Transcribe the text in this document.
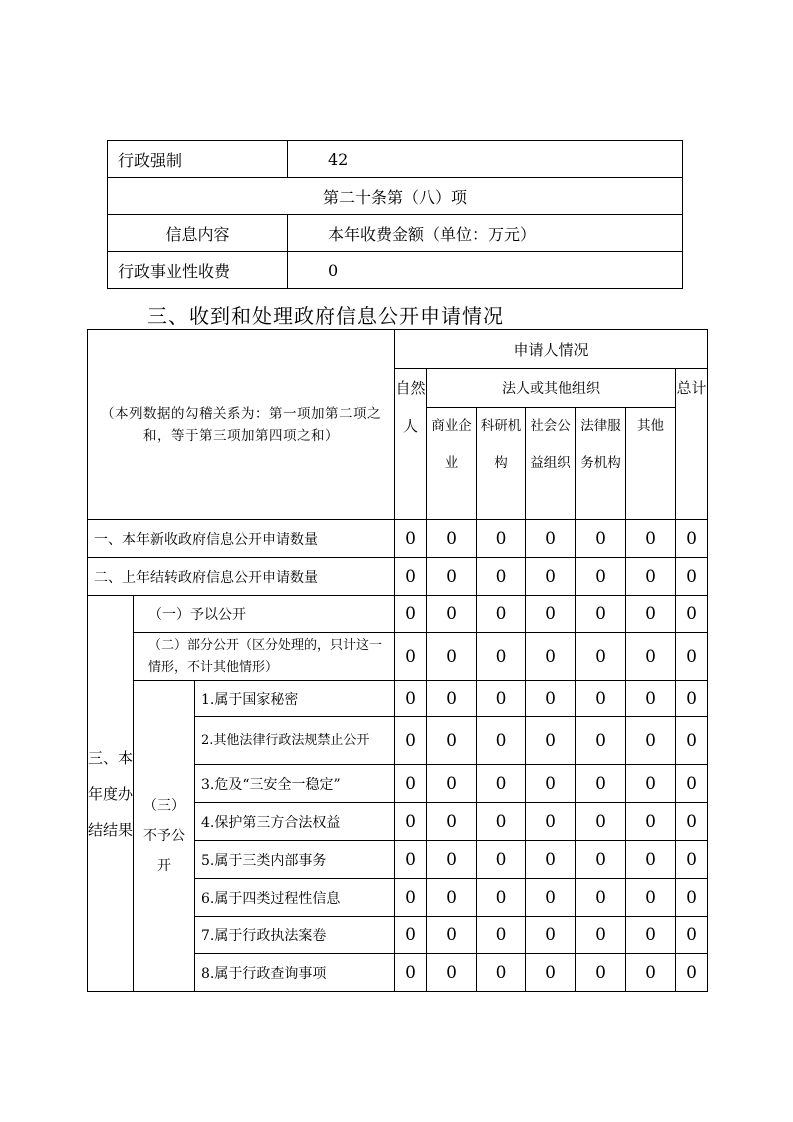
行政强制	42
第二十条第（八）项	
信息内容	本年收费金额（单位：万元）
行政事业性收费	0
三、收到和处理政府信息公开申请情况
（本列数据的勾稽关系为：第一项加第二项之和，等于第三项加第四项之和）			申请人情况						
			自然人	法人或其他组织					总计
				商业企业	科研机构	社会公益组织	法律服务机构	其他	
一、本年新收政府信息公开申请数量			0	0	0	0	0	0	0
二、上年结转政府信息公开申请数量			0	0	0	0	0	0	0
三、本年度办结结果	（一）予以公开		0	0	0	0	0	0	0
	（二）部分公开（区分处理的，只计这一情形，不计其他情形）		0	0	0	0	0	0	0
	（三）不予公开	1.属于国家秘密	0	0	0	0	0	0	0
		2.其他法律行政法规禁止公开	0	0	0	0	0	0	0
		3.危及“三安全一稳定”	0	0	0	0	0	0	0
		4.保护第三方合法权益	0	0	0	0	0	0	0
		5.属于三类内部事务	0	0	0	0	0	0	0
		6.属于四类过程性信息	0	0	0	0	0	0	0
		7.属于行政执法案卷	0	0	0	0	0	0	0
		8.属于行政查询事项	0	0	0	0	0	0	0
